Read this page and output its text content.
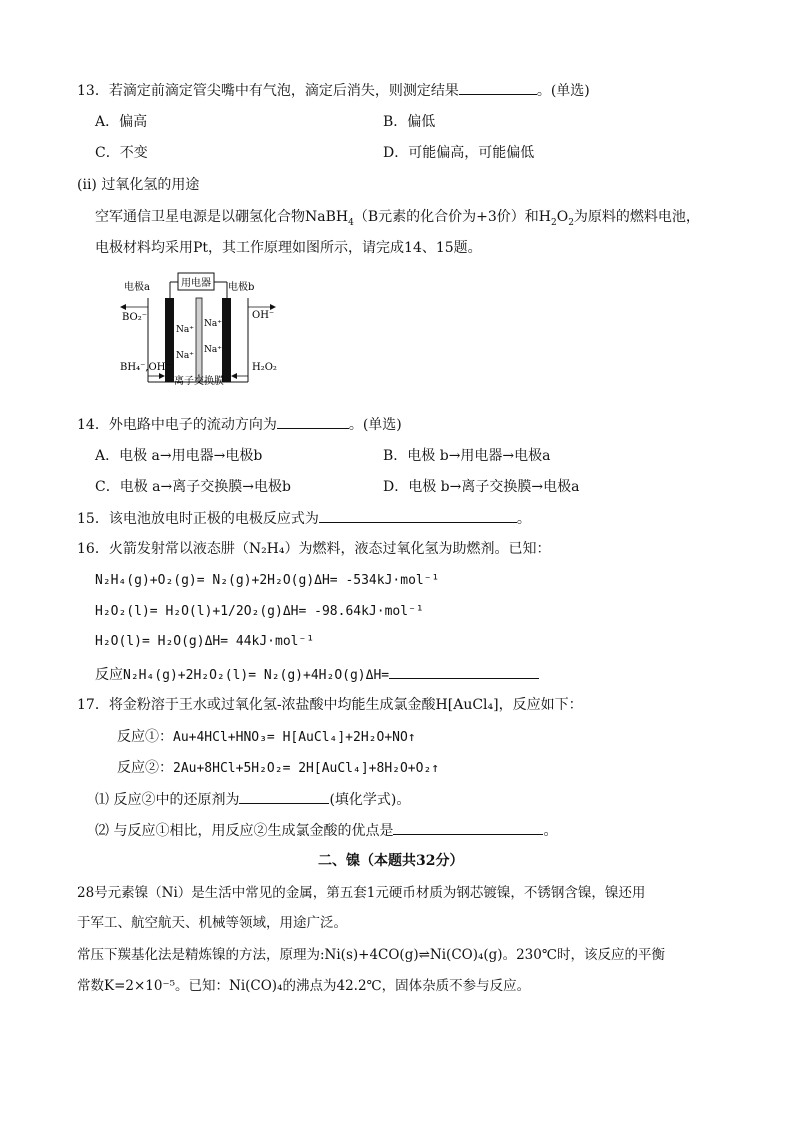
13．若滴定前滴定管尖嘴中有气泡，滴定后消失，则测定结果	。(单选)
A．偏高	B．偏低
C．不变	D．可能偏高，可能偏低
(ii) 过氧化氢的用途
空军通信卫星电源是以硼氢化合物NaBH$_4$（B元素的化合价为+3价）和$H_2O_2$为原料的燃料电池，
电极材料均采用Pt，其工作原理如图所示，请完成14、15题。
用电器
电极a	电极b
Na⁺
Na⁺
Na⁺
Na⁺
BO₂⁻
BH₄⁻,OH⁻
OH⁻
H₂O₂
离子交换膜
14．外电路中电子的流动方向为	。(单选)
A．电极 a→用电器→电极b	B．电极 b→用电器→电极a
C．电极 a→离子交换膜→电极b	D．电极 b→离子交换膜→电极a
15．该电池放电时正极的电极反应式为	。
16．火箭发射常以液态肼（N₂H₄）为燃料，液态过氧化氢为助燃剂。已知：
N₂H₄(g)+O₂(g)= N₂(g)+2H₂O(g)ΔH= -534kJ·mol⁻¹
H₂O₂(l)= H₂O(l)+1/2O₂(g)ΔH= -98.64kJ·mol⁻¹
H₂O(l)= H₂O(g)ΔH= 44kJ·mol⁻¹
反应N₂H₄(g)+2H₂O₂(l)= N₂(g)+4H₂O(g)ΔH=
17．将金粉溶于王水或过氧化氢-浓盐酸中均能生成氯金酸H[AuCl₄]，反应如下：
反应①：Au+4HCl+HNO₃= H[AuCl₄]+2H₂O+NO↑
反应②：2Au+8HCl+5H₂O₂= 2H[AuCl₄]+8H₂O+O₂↑
⑴ 反应②中的还原剂为	(填化学式)。
⑵ 与反应①相比，用反应②生成氯金酸的优点是	。
二、镍（本题共32分）
28号元素镍（Ni）是生活中常见的金属，第五套1元硬币材质为钢芯镀镍，不锈钢含镍，镍还用
于军工、航空航天、机械等领域，用途广泛。
常压下羰基化法是精炼镍的方法，原理为:Ni(s)+4CO(g)⇌Ni(CO)₄(g)。230℃时，该反应的平衡
常数K=2×10⁻⁵。已知：Ni(CO)₄的沸点为42.2℃，固体杂质不参与反应。
